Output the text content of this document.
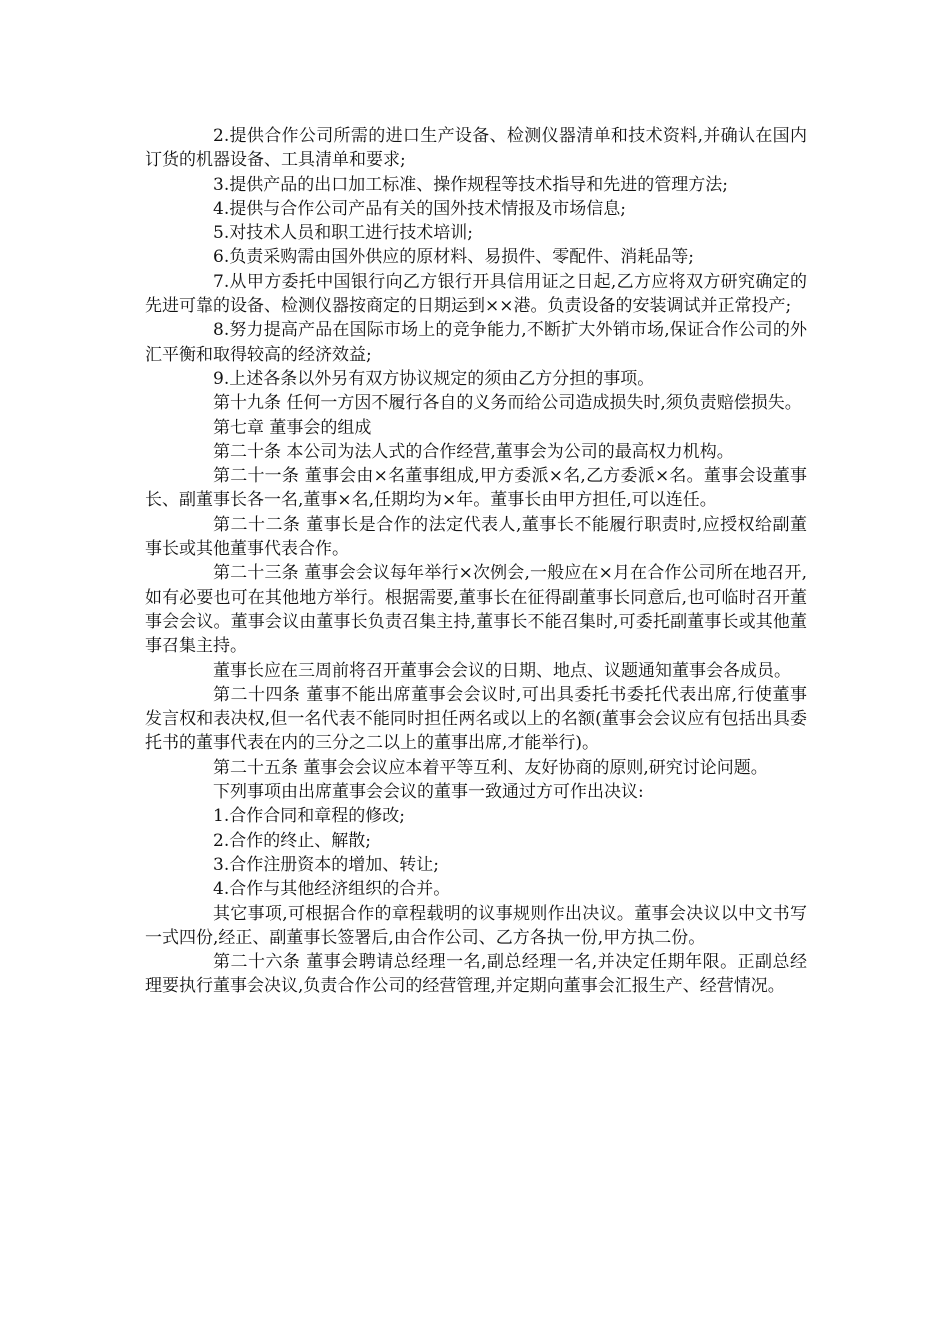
2.提供合作公司所需的进口生产设备、检测仪器清单和技术资料,并确认在国内订货的机器设备、工具清单和要求;

3.提供产品的出口加工标准、操作规程等技术指导和先进的管理方法;

4.提供与合作公司产品有关的国外技术情报及市场信息;

5.对技术人员和职工进行技术培训;

6.负责采购需由国外供应的原材料、易损件、零配件、消耗品等;

7.从甲方委托中国银行向乙方银行开具信用证之日起,乙方应将双方研究确定的先进可靠的设备、检测仪器按商定的日期运到××港。负责设备的安装调试并正常投产;

8.努力提高产品在国际市场上的竞争能力,不断扩大外销市场,保证合作公司的外汇平衡和取得较高的经济效益;

9.上述各条以外另有双方协议规定的须由乙方分担的事项。

第十九条 任何一方因不履行各自的义务而给公司造成损失时,须负责赔偿损失。

第七章 董事会的组成

第二十条 本公司为法人式的合作经营,董事会为公司的最高权力机构。

第二十一条 董事会由×名董事组成,甲方委派×名,乙方委派×名。董事会设董事长、副董事长各一名,董事×名,任期均为×年。董事长由甲方担任,可以连任。

第二十二条 董事长是合作的法定代表人,董事长不能履行职责时,应授权给副董事长或其他董事代表合作。

第二十三条 董事会会议每年举行×次例会,一般应在×月在合作公司所在地召开,如有必要也可在其他地方举行。根据需要,董事长在征得副董事长同意后,也可临时召开董事会会议。董事会议由董事长负责召集主持,董事长不能召集时,可委托副董事长或其他董事召集主持。

董事长应在三周前将召开董事会会议的日期、地点、议题通知董事会各成员。

第二十四条 董事不能出席董事会会议时,可出具委托书委托代表出席,行使董事发言权和表决权,但一名代表不能同时担任两名或以上的名额(董事会会议应有包括出具委托书的董事代表在内的三分之二以上的董事出席,才能举行)。

第二十五条 董事会会议应本着平等互利、友好协商的原则,研究讨论问题。

下列事项由出席董事会会议的董事一致通过方可作出决议:

1.合作合同和章程的修改;

2.合作的终止、解散;

3.合作注册资本的增加、转让;

4.合作与其他经济组织的合并。

其它事项,可根据合作的章程载明的议事规则作出决议。董事会决议以中文书写一式四份,经正、副董事长签署后,由合作公司、乙方各执一份,甲方执二份。

第二十六条 董事会聘请总经理一名,副总经理一名,并决定任期年限。正副总经理要执行董事会决议,负责合作公司的经营管理,并定期向董事会汇报生产、经营情况。
